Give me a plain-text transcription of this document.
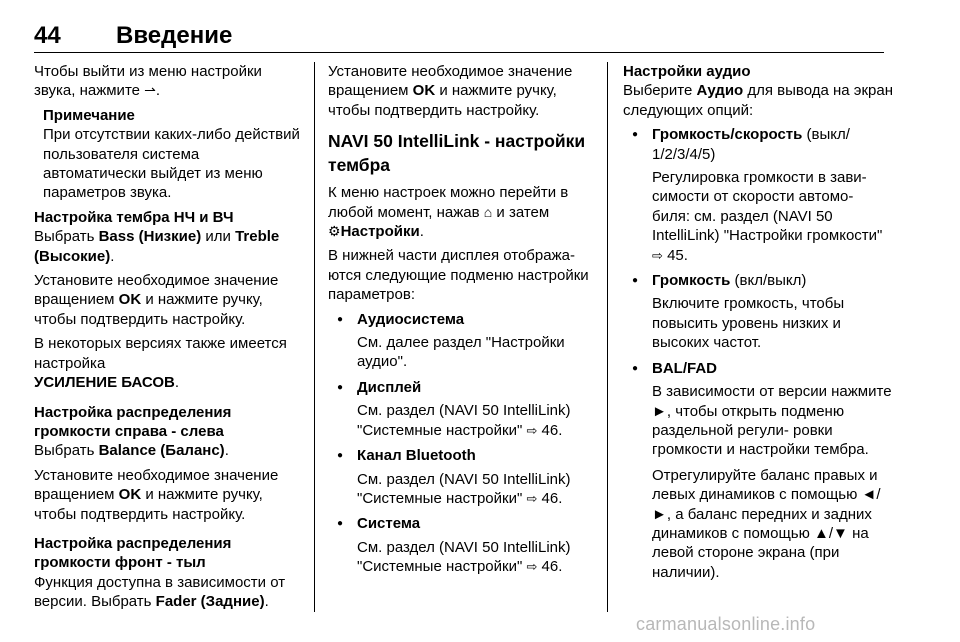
44 Введение

Чтобы выйти из меню настройки звука, нажмите ⇀.

Примечание

При отсутствии каких-либо действий пользователя система автоматически выйдет из меню параметров звука.

Настройка тембра НЧ и ВЧ

Выбрать Bass (Низкие) или Treble (Высокие).

Установите необходимое значение вращением OK и нажмите ручку, чтобы подтвердить настройку.

В некоторых версиях также имеется настройка
УСИЛЕНИЕ БАСОВ.

Настройка распределения громкости справа - слева

Выбрать Balance (Баланс).

Установите необходимое значение вращением OK и нажмите ручку, чтобы подтвердить настройку.

Настройка распределения громкости фронт - тыл

Функция доступна в зависимости от версии. Выбрать Fader (Задние).

Установите необходимое значение вращением OK и нажмите ручку, чтобы подтвердить настройку.

NAVI 50 IntelliLink - настройки тембра

К меню настроек можно перейти в любой момент, нажав ⌂ и затем
⚙Настройки.

В нижней части дисплея отобража- ются следующие подменю настройки параметров:

● Аудиосистема
См. далее раздел "Настройки аудио".
● Дисплей
См. раздел (NAVI 50 IntelliLink) "Системные настройки" ⇨ 46.
● Канал Bluetooth
См. раздел (NAVI 50 IntelliLink) "Системные настройки" ⇨ 46.
● Система
См. раздел (NAVI 50 IntelliLink) "Системные настройки" ⇨ 46.
Настройки аудио

Выберите Аудио для вывода на экран следующих опций:

● Громкость/скорость (выкл/ 1/2/3/4/5)
Регулировка громкости в зави- симости от скорости автомо- биля: см. раздел (NAVI 50 IntelliLink) "Настройки громкости" ⇨ 45.
● Громкость (вкл/выкл)
Включите громкость, чтобы повысить уровень низких и высоких частот.
● BAL/FAD
В зависимости от версии нажмите ►, чтобы открыть подменю раздельной регули- ровки громкости и настройки тембра.
Отрегулируйте баланс правых и левых динамиков с помощью ◄/►, а баланс передних и задних динамиков с помощью ▲/▼ на левой стороне экрана (при наличии).
carmanualsonline.info
